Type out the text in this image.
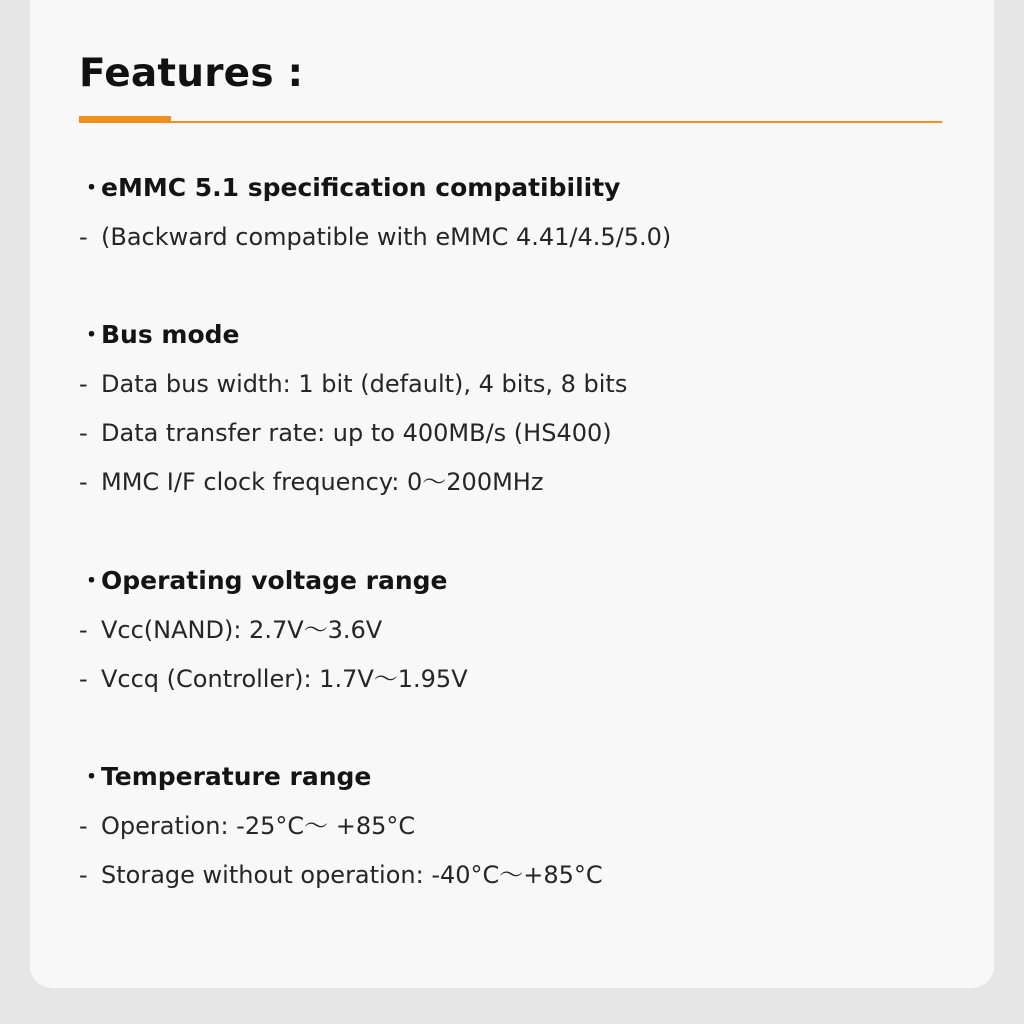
Features :
・
eMMC 5.1 specification compatibility
- (Backward compatible with eMMC 4.41/4.5/5.0)
・
Bus mode
- Data bus width: 1 bit (default), 4 bits, 8 bits
- Data transfer rate: up to 400MB/s (HS400)
- MMC I/F clock frequency: 0～200MHz
・
Operating voltage range
- Vcc(NAND): 2.7V～3.6V
- Vccq (Controller): 1.7V～1.95V
・
Temperature range
- Operation: -25°C～ +85°C
- Storage without operation: -40°C～+85°C
